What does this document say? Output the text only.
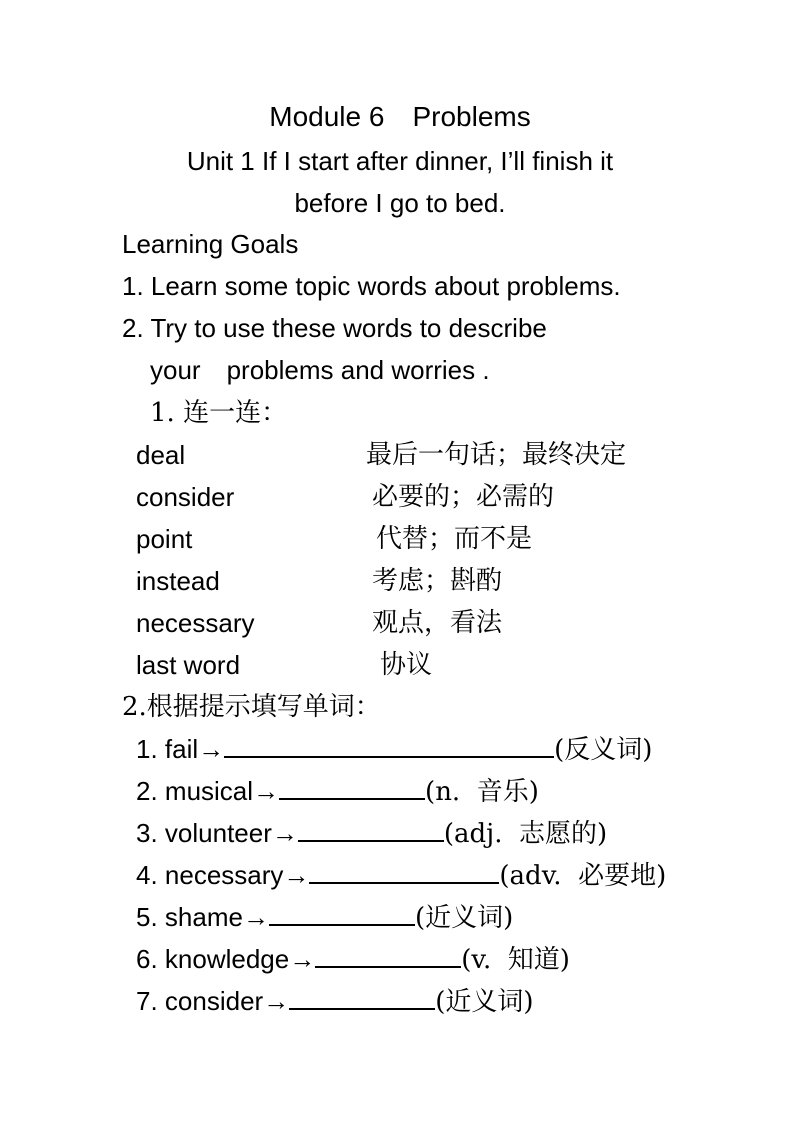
Module 6　Problems
Unit 1 If I start after dinner, I’ll finish it
before I go to bed.
Learning Goals
1. Learn some topic words about problems.
2. Try to use these words to describe
your　problems and worries .
1. 连一连：
deal	最后一句话；最终决定
consider	必要的；必需的
point	代替；而不是
instead	考虑；斟酌
necessary	观点，看法
last word	协议
2.根据提示填写单词：
1. fail→	(反义词)
2. musical→	(n.  音乐)
3. volunteer→	(adj.  志愿的)
4. necessary→	(adv.  必要地)
5. shame→	(近义词)
6. knowledge→	(v.  知道)
7. consider→	(近义词)
